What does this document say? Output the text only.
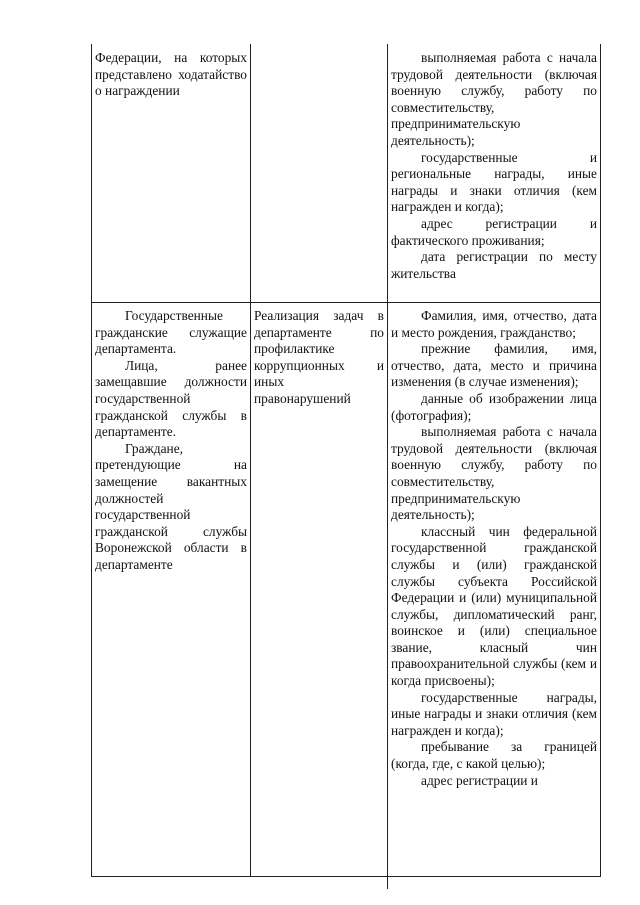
Федерации, на которых представлено ходатайство о награждении

выполняемая работа с начала трудовой деятельности (включая военную службу, работу по совместительству, предпринимательскую деятельность);

государственные и региональные награды, иные награды и знаки отличия (кем награжден и когда);

адрес регистрации и фактического проживания;

дата регистрации по месту жительства

Государственные гражданские служащие департамента.

Лица, ранее замещавшие должности государственной гражданской службы в департаменте.

Граждане, претендующие на замещение вакантных должностей государственной гражданской службы Воронежской области в департаменте

Реализация задач в департаменте по профилактике коррупционных и иных правонарушений

Фамилия, имя, отчество, дата и место рождения, гражданство;

прежние фамилия, имя, отчество, дата, место и причина изменения (в случае изменения);

данные об изображении лица (фотография);

выполняемая работа с начала трудовой деятельности (включая военную службу, работу по совместительству, предпринимательскую деятельность);

классный чин федеральной государственной гражданской службы и (или) гражданской службы субъекта Российской Федерации и (или) муниципальной службы, дипломатический ранг, воинское и (или) специальное звание, класный чин правоохранительной службы (кем и когда присвоены);

государственные награды, иные награды и знаки отличия (кем награжден и когда);

пребывание за границей (когда, где, с какой целью);

адрес регистрации и
